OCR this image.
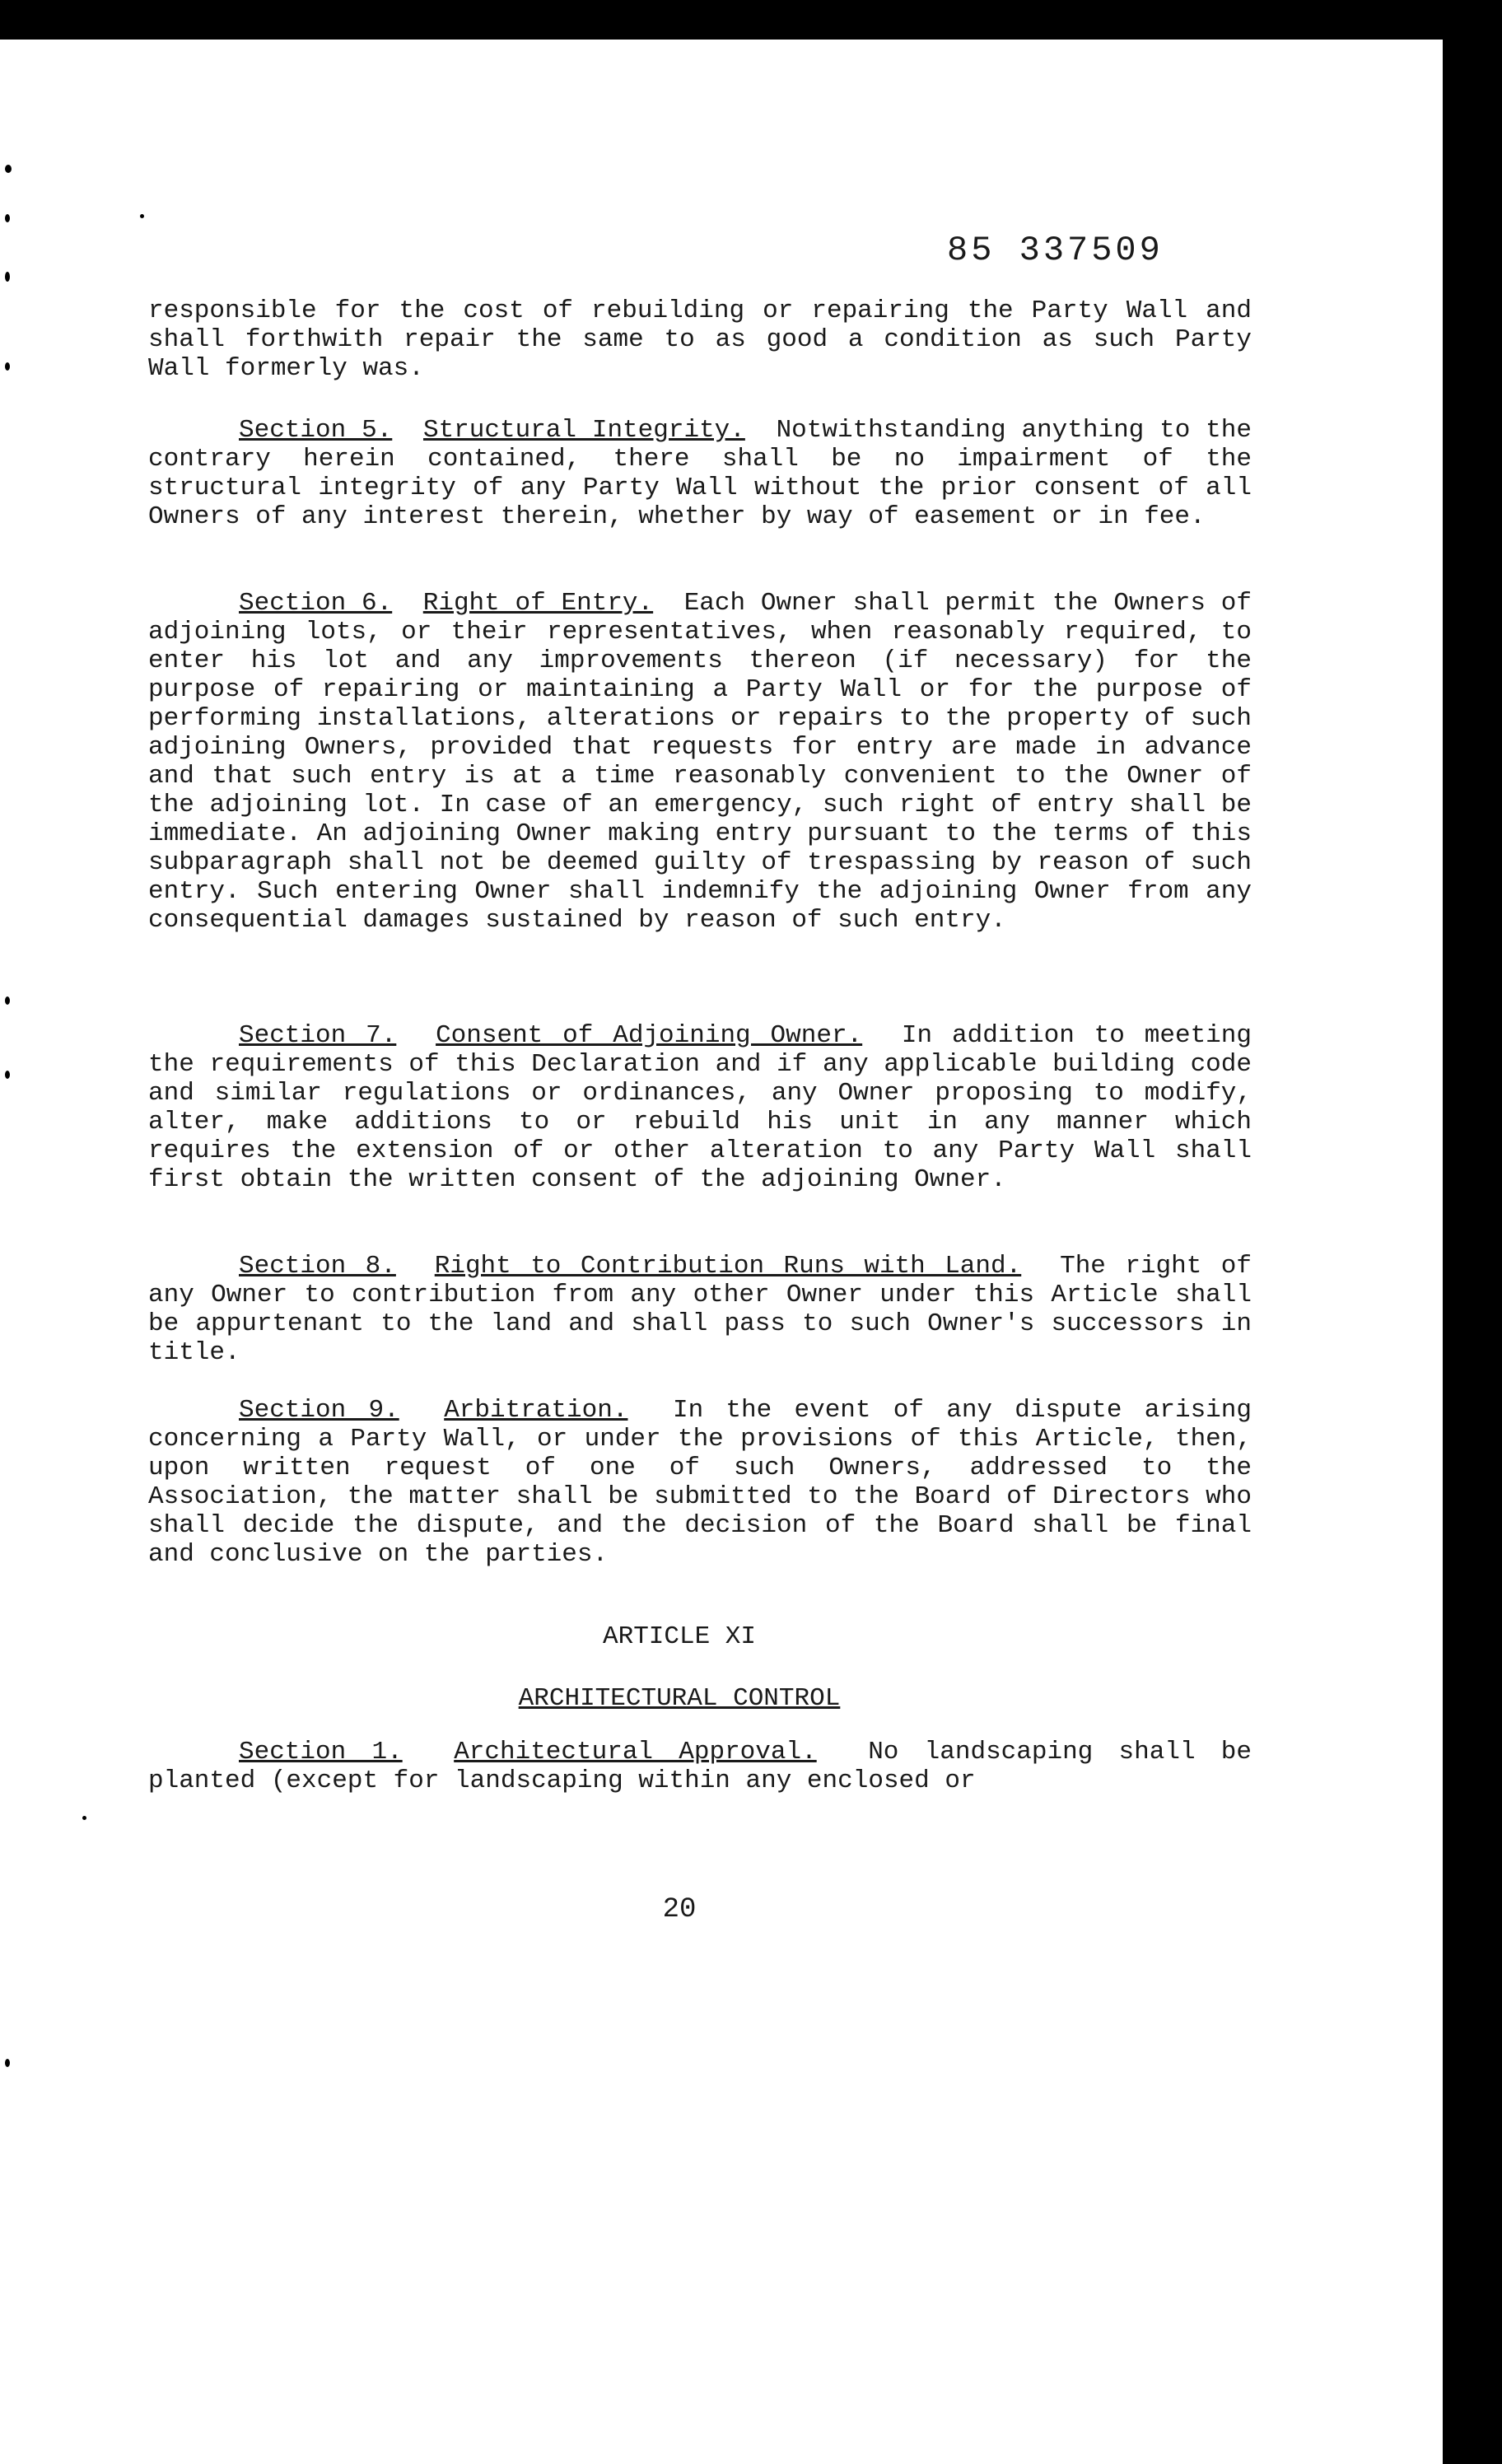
85 337509
responsible for the cost of rebuilding or repairing the Party Wall and shall forthwith repair the same to as good a condition as such Party Wall formerly was.
Section 5. Structural Integrity. Notwithstanding anything to the contrary herein contained, there shall be no impairment of the structural integrity of any Party Wall without the prior consent of all Owners of any interest therein, whether by way of easement or in fee.
Section 6. Right of Entry. Each Owner shall permit the Owners of adjoining lots, or their representatives, when reasonably required, to enter his lot and any improvements thereon (if necessary) for the purpose of repairing or maintaining a Party Wall or for the purpose of performing installations, alterations or repairs to the property of such adjoining Owners, provided that requests for entry are made in advance and that such entry is at a time reasonably convenient to the Owner of the adjoining lot. In case of an emergency, such right of entry shall be immediate. An adjoining Owner making entry pursuant to the terms of this subparagraph shall not be deemed guilty of trespassing by reason of such entry. Such entering Owner shall indemnify the adjoining Owner from any consequential damages sustained by reason of such entry.
Section 7. Consent of Adjoining Owner. In addition to meeting the requirements of this Declaration and if any applicable building code and similar regulations or ordinances, any Owner proposing to modify, alter, make additions to or rebuild his unit in any manner which requires the extension of or other alteration to any Party Wall shall first obtain the written consent of the adjoining Owner.
Section 8. Right to Contribution Runs with Land. The right of any Owner to contribution from any other Owner under this Article shall be appurtenant to the land and shall pass to such Owner's successors in title.
Section 9. Arbitration. In the event of any dispute arising concerning a Party Wall, or under the provisions of this Article, then, upon written request of one of such Owners, addressed to the Association, the matter shall be submitted to the Board of Directors who shall decide the dispute, and the decision of the Board shall be final and conclusive on the parties.
ARTICLE XI
ARCHITECTURAL CONTROL
Section 1. Architectural Approval. No landscaping shall be planted (except for landscaping within any enclosed or
20
